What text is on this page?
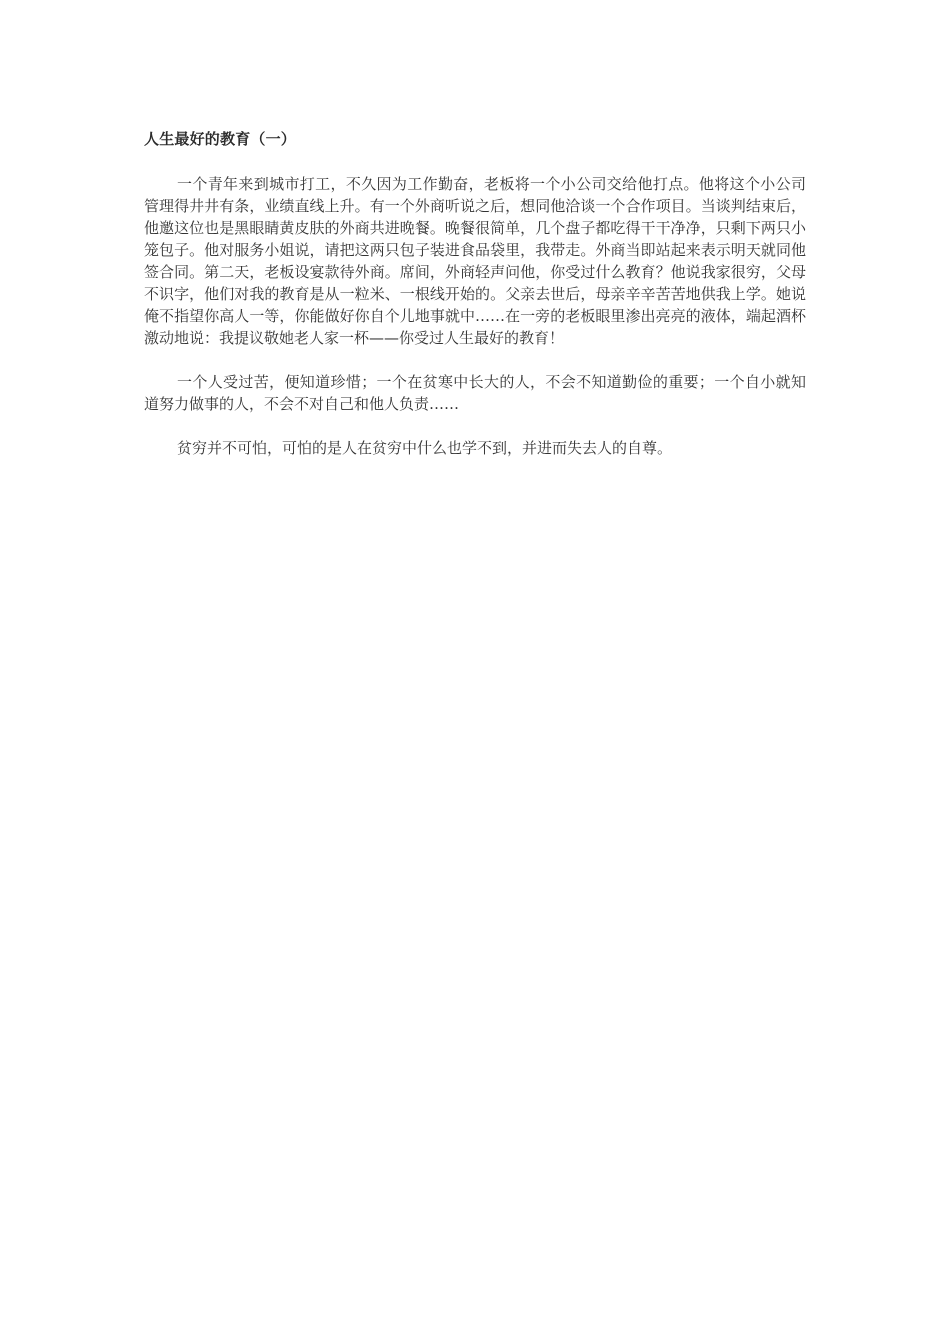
人生最好的教育（一）

一个青年来到城市打工，不久因为工作勤奋，老板将一个小公司交给他打点。他将这个小公司管理得井井有条，业绩直线上升。有一个外商听说之后，想同他洽谈一个合作项目。当谈判结束后，他邀这位也是黑眼睛黄皮肤的外商共进晚餐。晚餐很简单，几个盘子都吃得干干净净，只剩下两只小笼包子。他对服务小姐说，请把这两只包子装进食品袋里，我带走。外商当即站起来表示明天就同他签合同。第二天，老板设宴款待外商。席间，外商轻声问他，你受过什么教育？他说我家很穷，父母不识字，他们对我的教育是从一粒米、一根线开始的。父亲去世后，母亲辛辛苦苦地供我上学。她说俺不指望你高人一等，你能做好你自个儿地事就中……在一旁的老板眼里渗出亮亮的液体，端起酒杯激动地说：我提议敬她老人家一杯——你受过人生最好的教育！

一个人受过苦，便知道珍惜；一个在贫寒中长大的人，不会不知道勤俭的重要；一个自小就知道努力做事的人，不会不对自己和他人负责……

贫穷并不可怕，可怕的是人在贫穷中什么也学不到，并进而失去人的自尊。
